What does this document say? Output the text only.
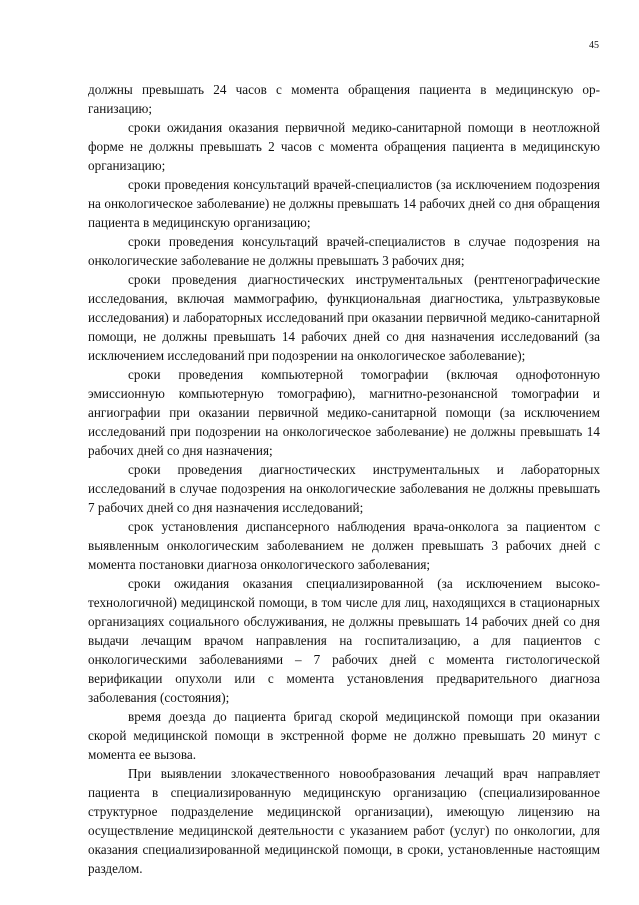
45

должны превышать 24 часов с момента обращения пациента в медицинскую организацию;

сроки ожидания оказания первичной медико-санитарной помощи в неотложной форме не должны превышать 2 часов с момента обращения пациента в медицинскую организацию;

сроки проведения консультаций врачей-специалистов (за исключением подозрения на онкологическое заболевание) не должны превышать 14 рабочих дней со дня обращения пациента в медицинскую организацию;

сроки проведения консультаций врачей-специалистов в случае подозрения на онкологические заболевание не должны превышать 3 рабочих дня;

сроки проведения диагностических инструментальных (рентгенографические исследования, включая маммографию, функциональная диагностика, ультразвуковые исследования) и лабораторных исследований при оказании первичной медико-санитарной помощи, не должны превышать 14 рабочих дней со дня назначения исследований (за исключением исследований при подозрении на онкологическое заболевание);

сроки проведения компьютерной томографии (включая однофотонную эмиссионную компьютерную томографию), магнитно-резонансной томографии и ангиографии при оказании первичной медико-санитарной помощи (за исключением исследований при подозрении на онкологическое заболевание) не должны превышать 14 рабочих дней со дня назначения;

сроки проведения диагностических инструментальных и лабораторных исследований в случае подозрения на онкологические заболевания не должны превышать 7 рабочих дней со дня назначения исследований;

срок установления диспансерного наблюдения врача-онколога за пациентом с выявленным онкологическим заболеванием не должен превышать 3 рабочих дней с момента постановки диагноза онкологического заболевания;

сроки ожидания оказания специализированной (за исключением высокотехнологичной) медицинской помощи, в том числе для лиц, находящихся в стационарных организациях социального обслуживания, не должны превышать 14 рабочих дней со дня выдачи лечащим врачом направления на госпитализацию, а для пациентов с онкологическими заболеваниями – 7 рабочих дней с момента гистологической верификации опухоли или с момента установления предварительного диагноза заболевания (состояния);

время доезда до пациента бригад скорой медицинской помощи при оказании скорой медицинской помощи в экстренной форме не должно превышать 20 минут с момента ее вызова.

При выявлении злокачественного новообразования лечащий врач направляет пациента в специализированную медицинскую организацию (специализированное структурное подразделение медицинской организации), имеющую лицензию на осуществление медицинской деятельности с указанием работ (услуг) по онкологии, для оказания специализированной медицинской помощи, в сроки, установленные настоящим разделом.
